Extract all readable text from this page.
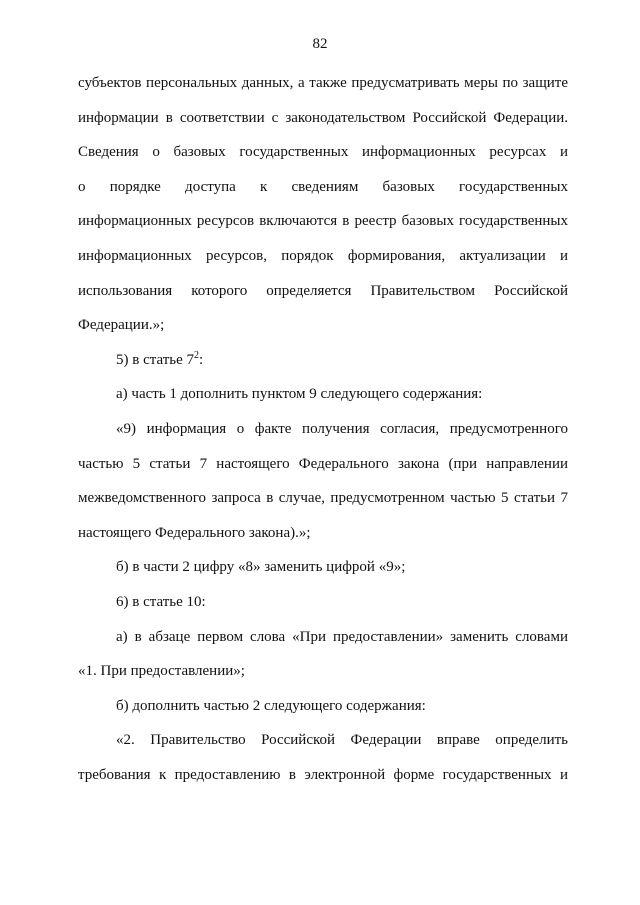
82
субъектов персональных данных, а также предусматривать меры по защите
информации в соответствии с законодательством Российской Федерации.
Сведения о базовых государственных информационных ресурсах и
о порядке доступа к сведениям базовых государственных
информационных ресурсов включаются в реестр базовых государственных
информационных ресурсов, порядок формирования, актуализации и
использования которого определяется Правительством Российской
Федерации.»;
5) в статье $7^2$:
а) часть 1 дополнить пунктом 9 следующего содержания:
«9) информация о факте получения согласия, предусмотренного
частью 5 статьи 7 настоящего Федерального закона (при направлении
межведомственного запроса в случае, предусмотренном частью 5 статьи 7
настоящего Федерального закона).»;
б) в части 2 цифру «8» заменить цифрой «9»;
6) в статье 10:
а) в абзаце первом слова «При предоставлении» заменить словами
«1. При предоставлении»;
б) дополнить частью 2 следующего содержания:
«2. Правительство Российской Федерации вправе определить
требования к предоставлению в электронной форме государственных и
